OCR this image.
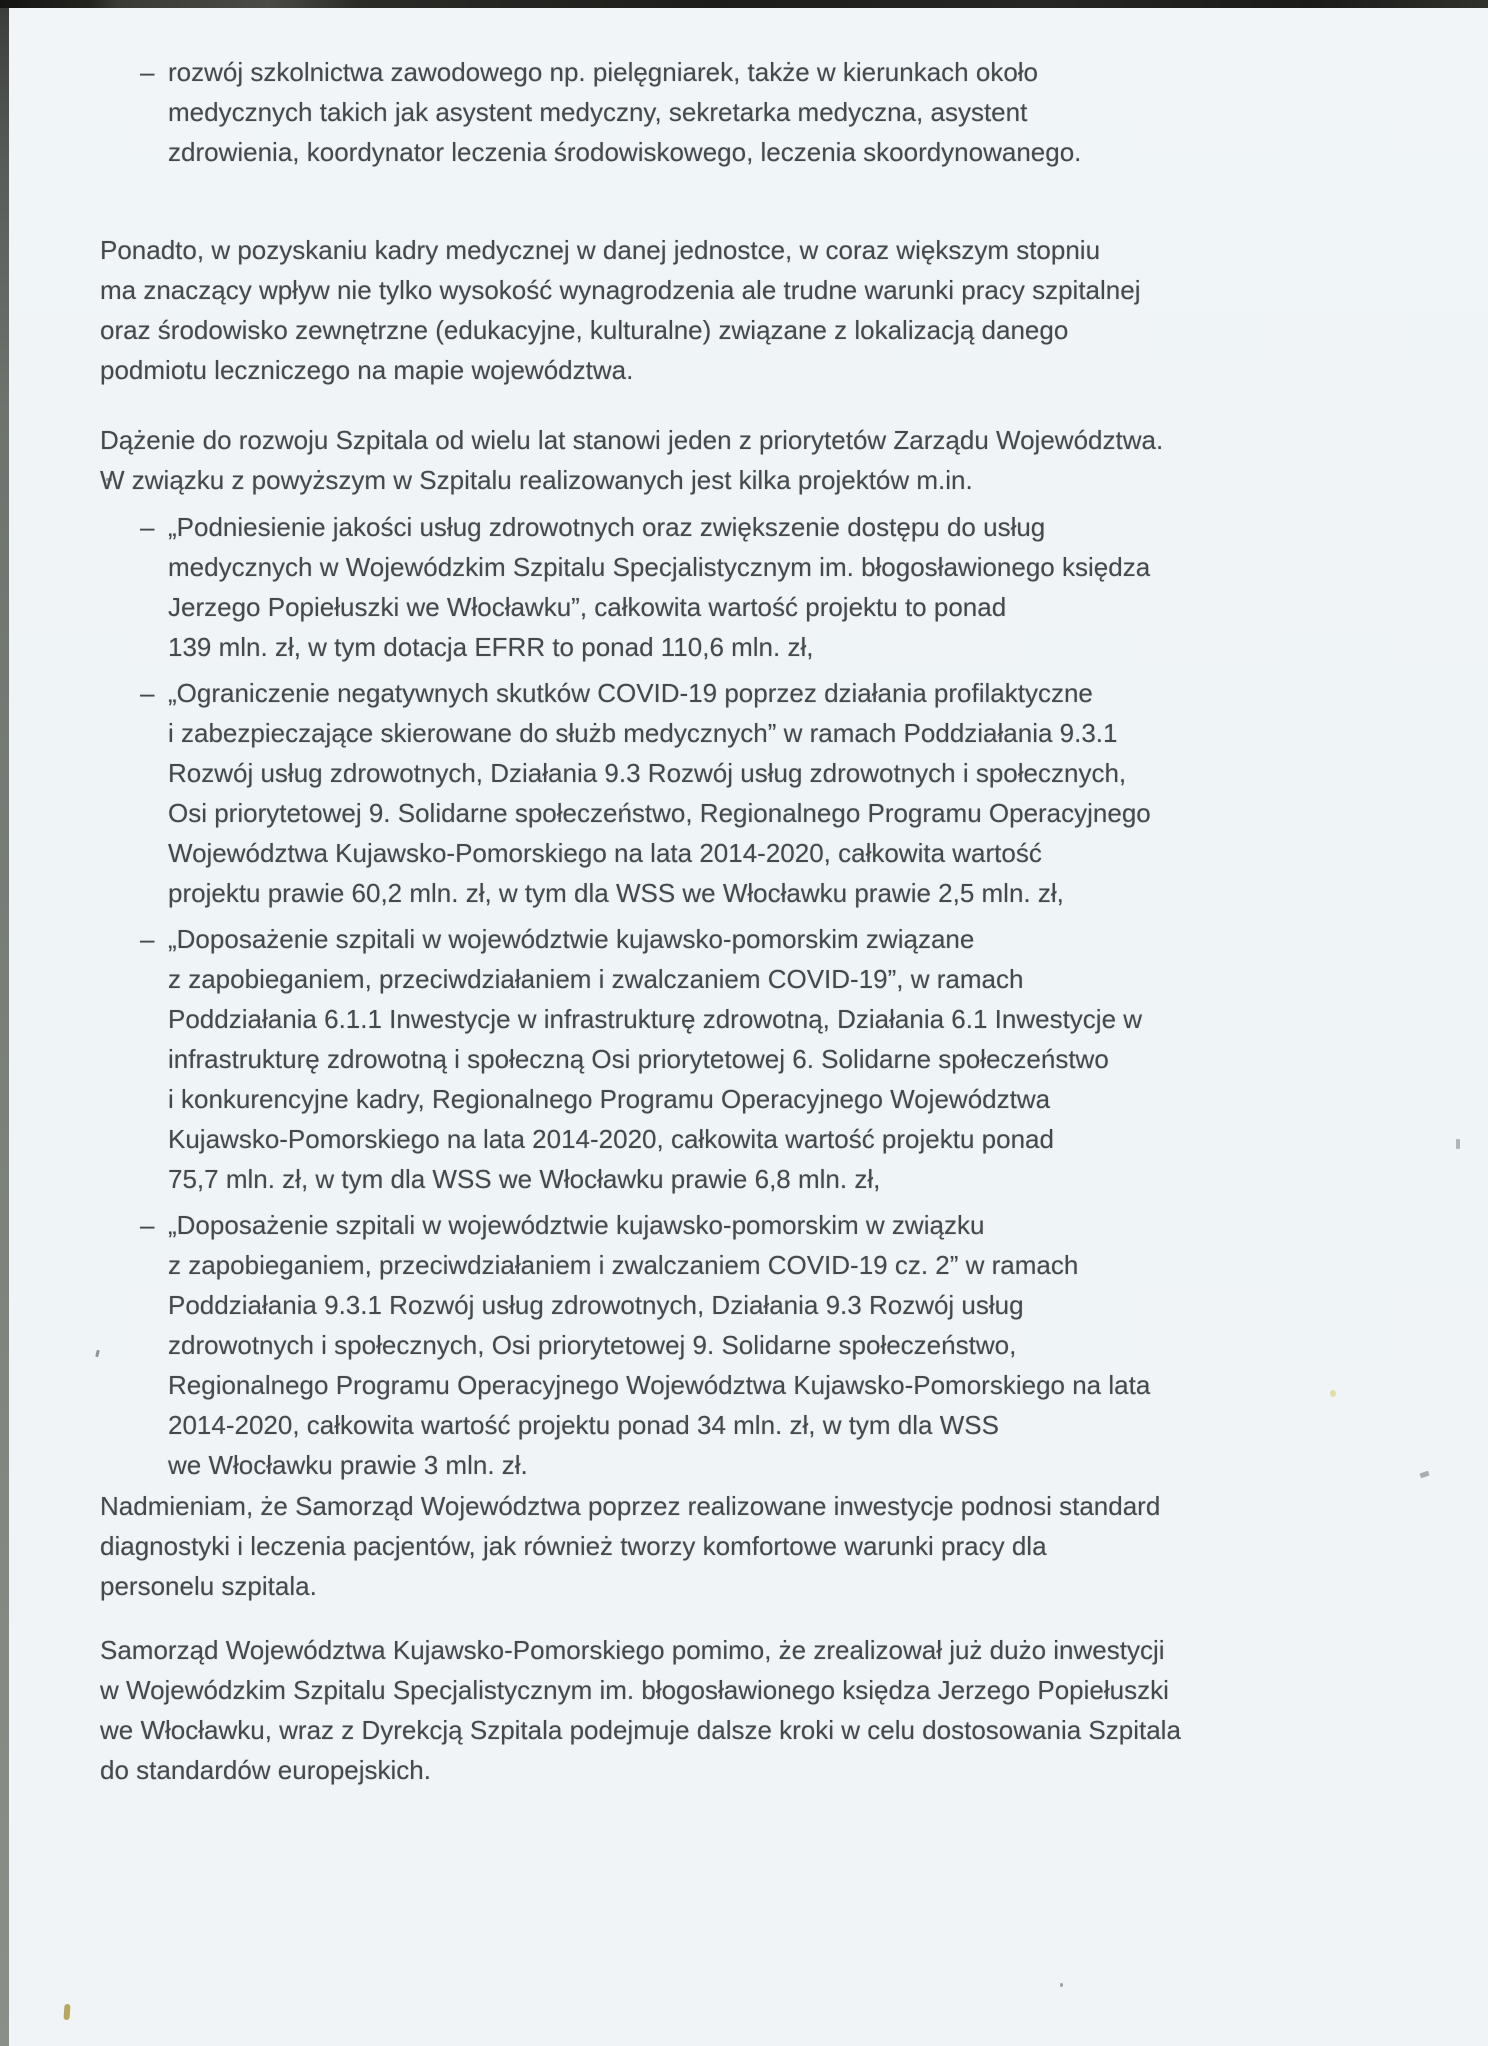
– rozwój szkolnictwa zawodowego np. pielęgniarek, także w kierunkach około
medycznych takich jak asystent medyczny, sekretarka medyczna, asystent
zdrowienia, koordynator leczenia środowiskowego, leczenia skoordynowanego.
Ponadto, w pozyskaniu kadry medycznej w danej jednostce, w coraz większym stopniu
ma znaczący wpływ nie tylko wysokość wynagrodzenia ale trudne warunki pracy szpitalnej
oraz środowisko zewnętrzne (edukacyjne, kulturalne) związane z lokalizacją danego
podmiotu leczniczego na mapie województwa.
Dążenie do rozwoju Szpitala od wielu lat stanowi jeden z priorytetów Zarządu Województwa.
W związku z powyższym w Szpitalu realizowanych jest kilka projektów m.in.
– „Podniesienie jakości usług zdrowotnych oraz zwiększenie dostępu do usług
medycznych w Wojewódzkim Szpitalu Specjalistycznym im. błogosławionego księdza
Jerzego Popiełuszki we Włocławku”, całkowita wartość projektu to ponad
139 mln. zł, w tym dotacja EFRR to ponad 110,6 mln. zł,
– „Ograniczenie negatywnych skutków COVID-19 poprzez działania profilaktyczne
i zabezpieczające skierowane do służb medycznych” w ramach Poddziałania 9.3.1
Rozwój usług zdrowotnych, Działania 9.3 Rozwój usług zdrowotnych i społecznych,
Osi priorytetowej 9. Solidarne społeczeństwo, Regionalnego Programu Operacyjnego
Województwa Kujawsko-Pomorskiego na lata 2014-2020, całkowita wartość
projektu prawie 60,2 mln. zł, w tym dla WSS we Włocławku prawie 2,5 mln. zł,
– „Doposażenie szpitali w województwie kujawsko-pomorskim związane
z zapobieganiem, przeciwdziałaniem i zwalczaniem COVID-19”, w ramach
Poddziałania 6.1.1 Inwestycje w infrastrukturę zdrowotną, Działania 6.1 Inwestycje w
infrastrukturę zdrowotną i społeczną Osi priorytetowej 6. Solidarne społeczeństwo
i konkurencyjne kadry, Regionalnego Programu Operacyjnego Województwa
Kujawsko-Pomorskiego na lata 2014-2020, całkowita wartość projektu ponad
75,7 mln. zł, w tym dla WSS we Włocławku prawie 6,8 mln. zł,
– „Doposażenie szpitali w województwie kujawsko-pomorskim w związku
z zapobieganiem, przeciwdziałaniem i zwalczaniem COVID-19 cz. 2” w ramach
Poddziałania 9.3.1 Rozwój usług zdrowotnych, Działania 9.3 Rozwój usług
zdrowotnych i społecznych, Osi priorytetowej 9. Solidarne społeczeństwo,
Regionalnego Programu Operacyjnego Województwa Kujawsko-Pomorskiego na lata
2014-2020, całkowita wartość projektu ponad 34 mln. zł, w tym dla WSS
we Włocławku prawie 3 mln. zł.
Nadmieniam, że Samorząd Województwa poprzez realizowane inwestycje podnosi standard
diagnostyki i leczenia pacjentów, jak również tworzy komfortowe warunki pracy dla
personelu szpitala.
Samorząd Województwa Kujawsko-Pomorskiego pomimo, że zrealizował już dużo inwestycji
w Wojewódzkim Szpitalu Specjalistycznym im. błogosławionego księdza Jerzego Popiełuszki
we Włocławku, wraz z Dyrekcją Szpitala podejmuje dalsze kroki w celu dostosowania Szpitala
do standardów europejskich.
